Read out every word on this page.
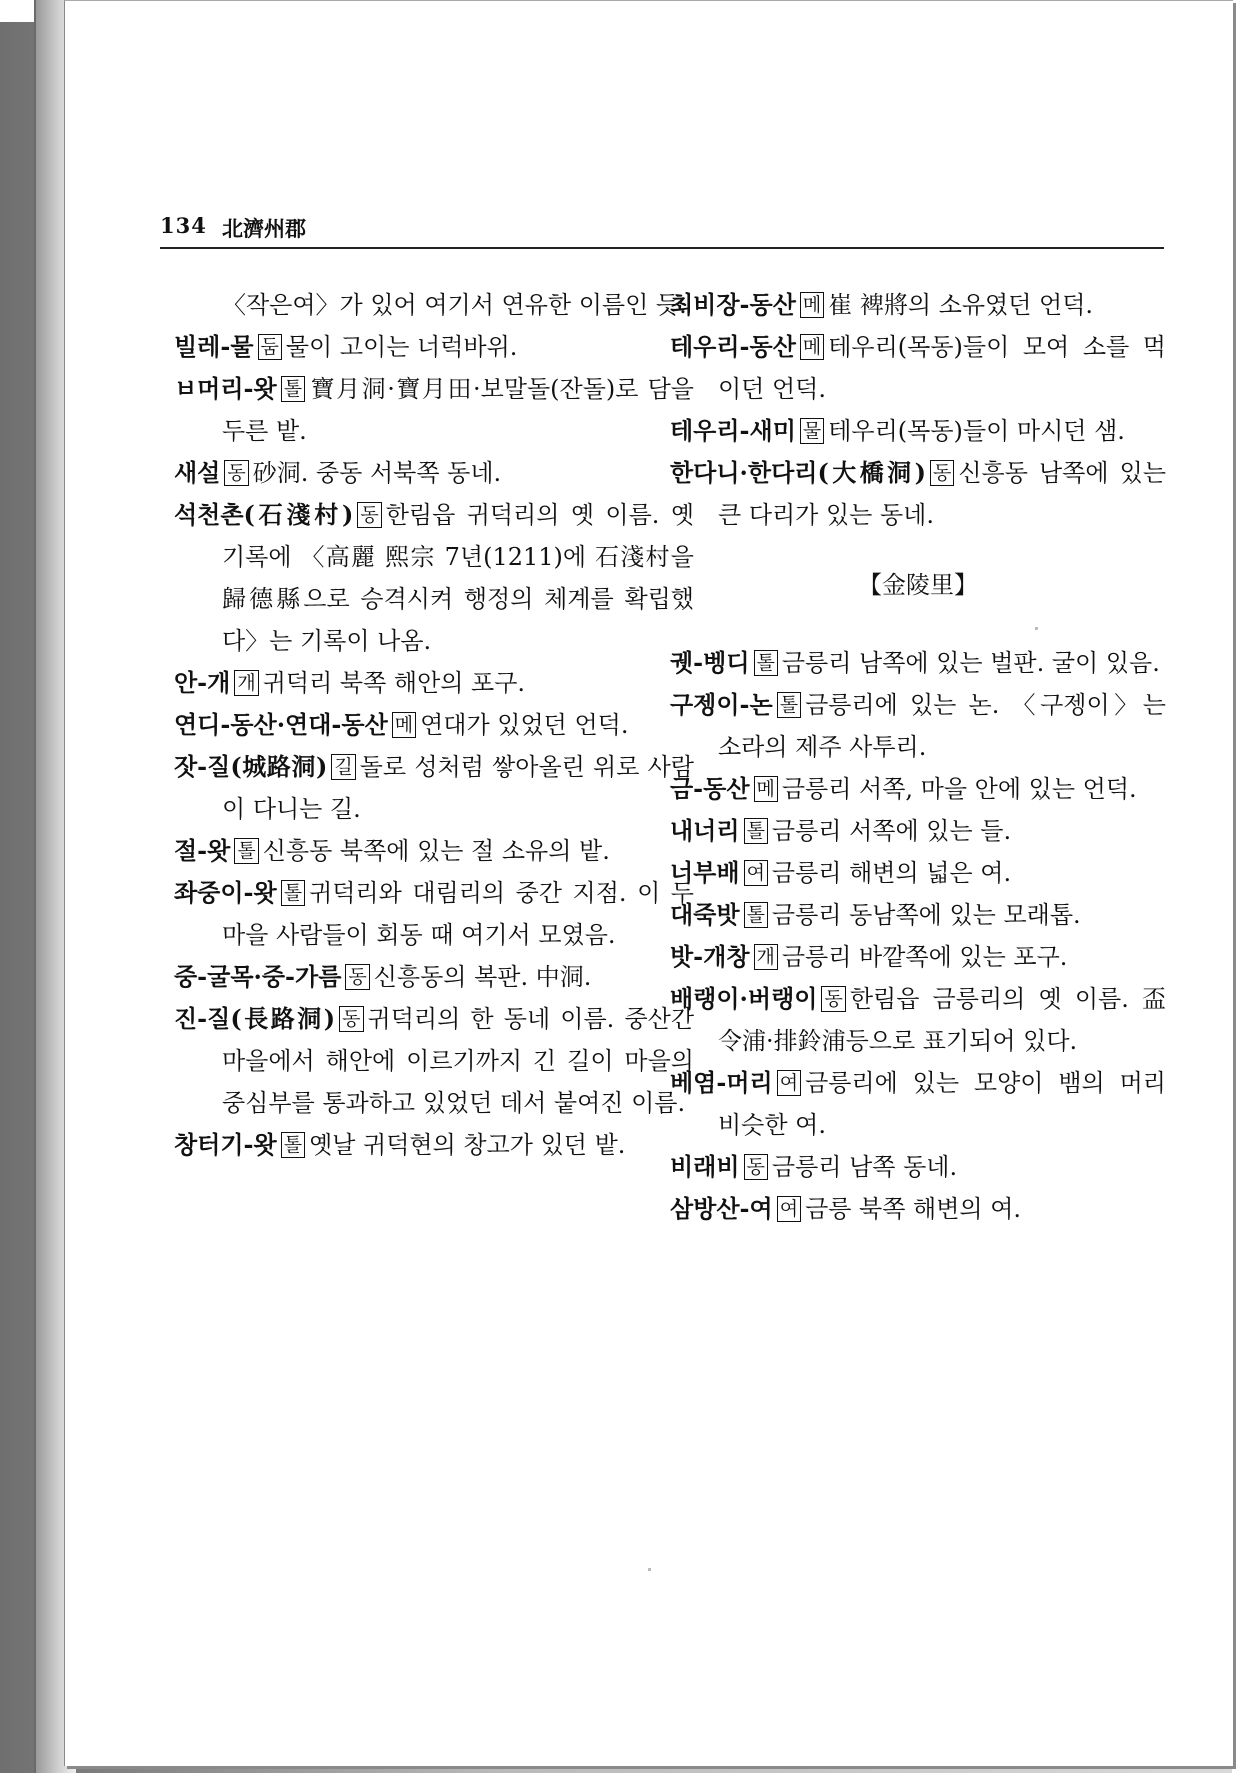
134 北濟州郡

〈작은여〉가 있어 여기서 연유한 이름인 듯.

빌레-물 둠 물이 고이는 너럭바위.

ㅂ머리-왓 톨 寶月洞·寶月田·보말돌(잔돌)로 담을 두른 밭.

새설 동 砂洞. 중동 서북쪽 동네.

석천촌(石淺村) 동 한림읍 귀덕리의 옛 이름. 옛 기록에 〈高麗 熙宗 7년(1211)에 石淺村을 歸德縣으로 승격시켜 행정의 체계를 확립했다〉는 기록이 나옴.

안-개 개 귀덕리 북쪽 해안의 포구.

연디-동산·연대-동산 메 연대가 있었던 언덕.

잣-질(城路洞) 길 돌로 성처럼 쌓아올린 위로 사람이 다니는 길.

절-왓 톨 신흥동 북쪽에 있는 절 소유의 밭.

좌중이-왓 톨 귀덕리와 대림리의 중간 지점. 이 두 마을 사람들이 회동 때 여기서 모였음.

중-굴목·중-가름 동 신흥동의 복판. 中洞.

진-질(長路洞) 동 귀덕리의 한 동네 이름. 중산간 마을에서 해안에 이르기까지 긴 길이 마을의 중심부를 통과하고 있었던 데서 붙여진 이름.

창터기-왓 톨 옛날 귀덕현의 창고가 있던 밭.

최비장-동산 메 崔 裨將의 소유였던 언덕.

테우리-동산 메 테우리(목동)들이 모여 소를 먹이던 언덕.

테우리-새미 물 테우리(목동)들이 마시던 샘.

한다니·한다리(大橋洞) 동 신흥동 남쪽에 있는 큰 다리가 있는 동네.

【金陵里】

궷-벵디 톨 금릉리 남쪽에 있는 벌판. 굴이 있음.

구젱이-논 톨 금릉리에 있는 논. 〈구젱이〉는 소라의 제주 사투리.

금-동산 메 금릉리 서쪽, 마을 안에 있는 언덕.

내너리 톨 금릉리 서쪽에 있는 들.

너부배 여 금릉리 해변의 넓은 여.

대죽밧 톨 금릉리 동남쪽에 있는 모래톱.

밧-개창 개 금릉리 바깥쪽에 있는 포구.

배랭이·버랭이 동 한림읍 금릉리의 옛 이름. 盃令浦·排鈴浦등으로 표기되어 있다.

베염-머리 여 금릉리에 있는 모양이 뱀의 머리 비슷한 여.

비래비 동 금릉리 남쪽 동네.

삼방산-여 여 금릉 북쪽 해변의 여.
